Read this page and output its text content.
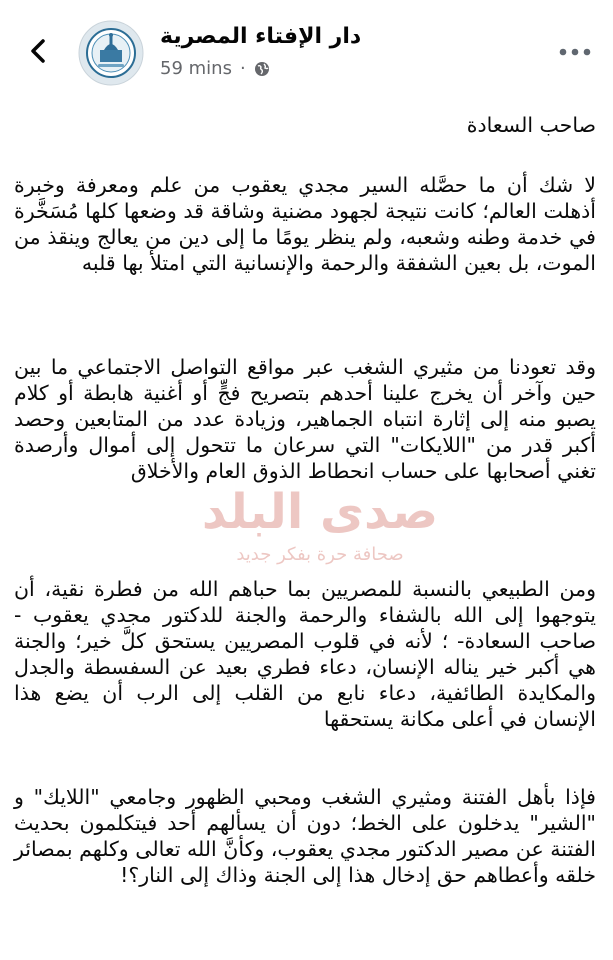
دار الإفتاء المصرية
59 mins ·

صاحب السعادة

لا شك أن ما حصَّله السير مجدي يعقوب من علم ومعرفة وخبرة أذهلت العالم؛ كانت نتيجة لجهود مضنية وشاقة قد وضعها كلها مُسَخَّرة في خدمة وطنه وشعبه، ولم ينظر يومًا ما إلى دين من يعالج وينقذ من الموت، بل بعين الشفقة والرحمة والإنسانية التي امتلأ بها قلبه

وقد تعودنا من مثيري الشغب عبر مواقع التواصل الاجتماعي ما بين حين وآخر أن يخرج علينا أحدهم بتصريح فجٍّ أو أغنية هابطة أو كلام يصبو منه إلى إثارة انتباه الجماهير، وزيادة عدد من المتابعين وحصد أكبر قدر من "اللايكات" التي سرعان ما تتحول إلى أموال وأرصدة تغني أصحابها على حساب انحطاط الذوق العام والأخلاق

ومن الطبيعي بالنسبة للمصريين بما حباهم الله من فطرة نقية، أن يتوجهوا إلى الله بالشفاء والرحمة والجنة للدكتور مجدي يعقوب - صاحب السعادة- ؛ لأنه في قلوب المصريين يستحق كلَّ خير؛ والجنة هي أكبر خير يناله الإنسان، دعاء فطري بعيد عن السفسطة والجدل والمكايدة الطائفية، دعاء نابع من القلب إلى الرب أن يضع هذا الإنسان في أعلى مكانة يستحقها

فإذا بأهل الفتنة ومثيري الشغب ومحبي الظهور وجامعي "اللايك" و "الشير" يدخلون على الخط؛ دون أن يسألهم أحد فيتكلمون بحديث الفتنة عن مصير الدكتور مجدي يعقوب، وكأنَّ الله تعالى وكلهم بمصائر خلقه وأعطاهم حق إدخال هذا إلى الجنة وذاك إلى النار؟!

صدى البلد
صحافة حرة بفكر جديد
